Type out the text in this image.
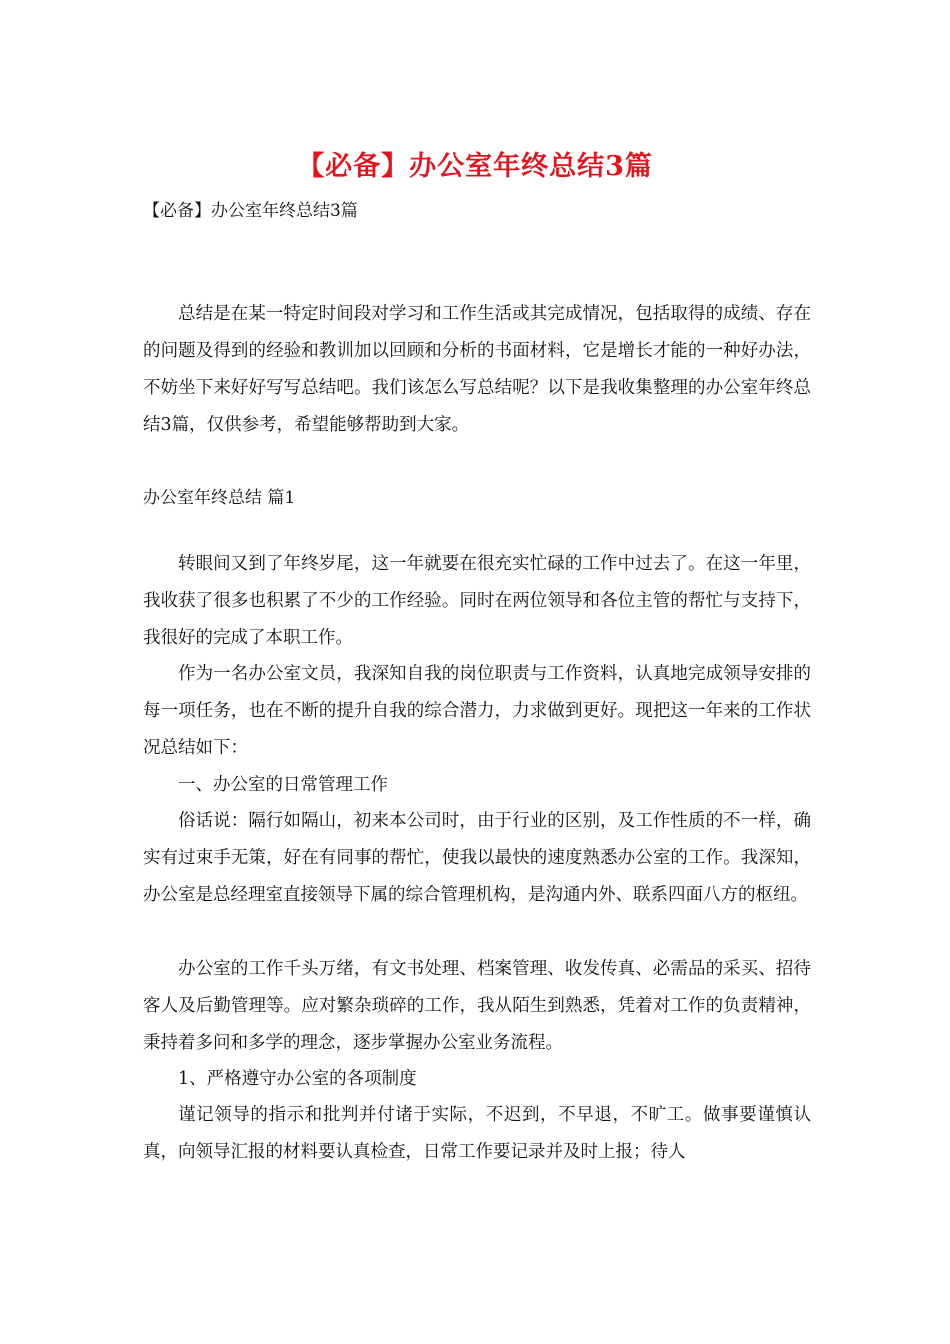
【必备】办公室年终总结3篇
【必备】办公室年终总结3篇

总结是在某一特定时间段对学习和工作生活或其完成情况，包括取得的成绩、存在的问题及得到的经验和教训加以回顾和分析的书面材料，它是增长才能的一种好办法，不妨坐下来好好写写总结吧。我们该怎么写总结呢？以下是我收集整理的办公室年终总结3篇，仅供参考，希望能够帮助到大家。

办公室年终总结 篇1

转眼间又到了年终岁尾，这一年就要在很充实忙碌的工作中过去了。在这一年里，我收获了很多也积累了不少的工作经验。同时在两位领导和各位主管的帮忙与支持下，我很好的完成了本职工作。

作为一名办公室文员，我深知自我的岗位职责与工作资料，认真地完成领导安排的每一项任务，也在不断的提升自我的综合潜力，力求做到更好。现把这一年来的工作状况总结如下：

一、办公室的日常管理工作

俗话说：隔行如隔山，初来本公司时，由于行业的区别，及工作性质的不一样，确实有过束手无策，好在有同事的帮忙，使我以最快的速度熟悉办公室的工作。我深知，办公室是总经理室直接领导下属的综合管理机构，是沟通内外、联系四面八方的枢纽。

办公室的工作千头万绪，有文书处理、档案管理、收发传真、必需品的采买、招待客人及后勤管理等。应对繁杂琐碎的工作，我从陌生到熟悉，凭着对工作的负责精神，秉持着多问和多学的理念，逐步掌握办公室业务流程。

1、严格遵守办公室的各项制度

谨记领导的指示和批判并付诸于实际，不迟到，不早退，不旷工。做事要谨慎认真，向领导汇报的材料要认真检查，日常工作要记录并及时上报；待人
